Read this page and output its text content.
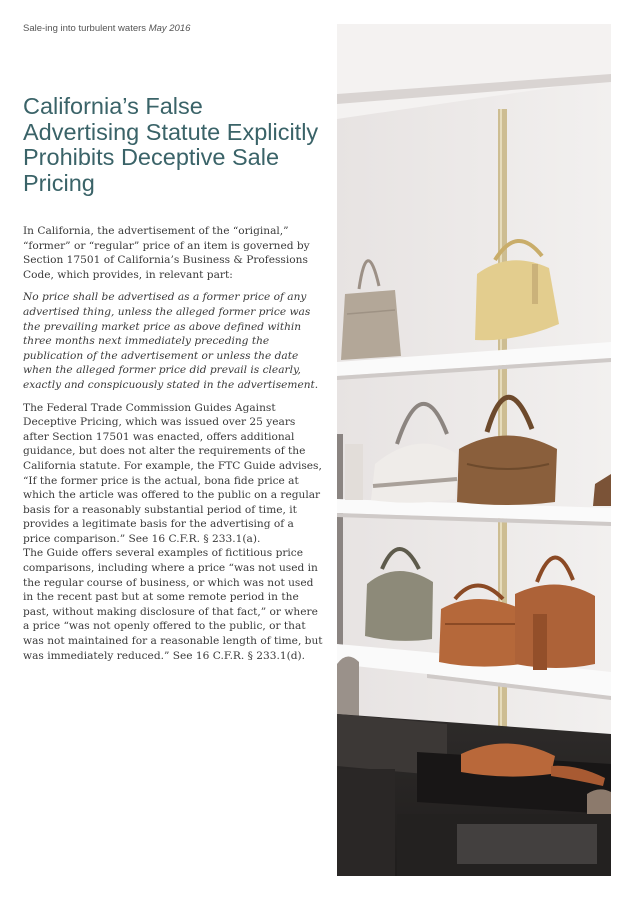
Sale-ing into turbulent waters May 2016
California’s False Advertising Statute Explicitly Prohibits Deceptive Sale Pricing

In California, the advertisement of the “original,” “former” or “regular” price of an item is governed by Section 17501 of California’s Business & Professions Code, which provides, in relevant part:

No price shall be advertised as a former price of any advertised thing, unless the alleged former price was the prevailing market price as above defined within three months next immediately preceding the publication of the advertisement or unless the date when the alleged former price did prevail is clearly, exactly and conspicuously stated in the advertisement.

The Federal Trade Commission Guides Against Deceptive Pricing, which was issued over 25 years after Section 17501 was enacted, offers additional guidance, but does not alter the requirements of the California statute. For example, the FTC Guide advises, “If the former price is the actual, bona fide price at which the article was offered to the public on a regular basis for a reasonably substantial period of time, it provides a legitimate basis for the advertising of a price comparison.” See 16 C.F.R. § 233.1(a).

The Guide offers several examples of fictitious price comparisons, including where a price “was not used in the regular course of business, or which was not used in the recent past but at some remote period in the past, without making disclosure of that fact,” or where a price “was not openly offered to the public, or that was not maintained for a reasonable length of time, but was immediately reduced.” See 16 C.F.R. § 233.1(d).
